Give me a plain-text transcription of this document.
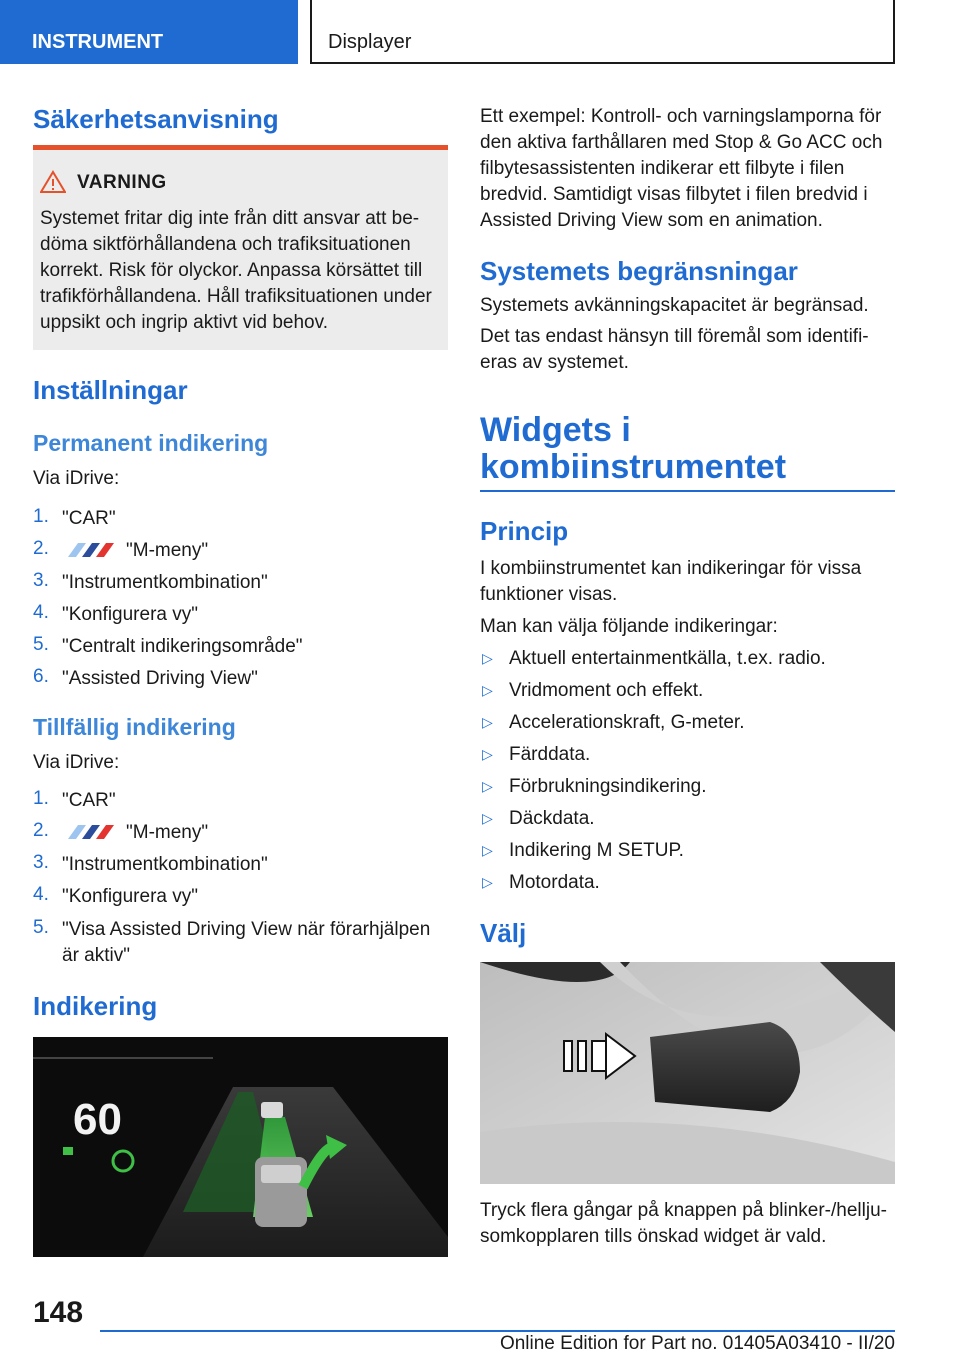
INSTRUMENT	Displayer
Säkerhetsanvisning
VARNING
Systemet fritar dig inte från ditt ansvar att be‐
döma siktförhållandena och trafiksituationen
korrekt. Risk för olyckor. Anpassa körsättet till
trafikförhållandena. Håll trafiksituationen under
uppsikt och ingrip aktivt vid behov.
Inställningar
Permanent indikering
Via iDrive:
1. "CAR"
2.	"M-meny"
3. "Instrumentkombination"
4. "Konfigurera vy"
5. "Centralt indikeringsområde"
6. "Assisted Driving View"
Tillfällig indikering
Via iDrive:
1. "CAR"
2.	"M-meny"
3. "Instrumentkombination"
4. "Konfigurera vy"
5. "Visa Assisted Driving View när förarhjälpen
är aktiv"
Indikering
60
Ett exempel: Kontroll- och varningslamporna för
den aktiva farthållaren med Stop & Go ACC och
filbytesassistenten indikerar ett filbyte i filen
bredvid. Samtidigt visas filbytet i filen bredvid i
Assisted Driving View som en animation.
Systemets begränsningar
Systemets avkänningskapacitet är begränsad.
Det tas endast hänsyn till föremål som identifi‐
eras av systemet.
Widgets i
kombiinstrumentet
Princip
I kombiinstrumentet kan indikeringar för vissa
funktioner visas.
Man kan välja följande indikeringar:
▷ Aktuell entertainmentkälla, t.ex. radio.
▷ Vridmoment och effekt.
▷ Accelerationskraft, G-meter.
▷ Färddata.
▷ Förbrukningsindikering.
▷ Däckdata.
▷ Indikering M SETUP.
▷ Motordata.
Välj
Tryck flera gångar på knappen på blinker-/hellju‐
somkopplaren tills önskad widget är vald.
148
Online Edition for Part no. 01405A03410 - II/20
